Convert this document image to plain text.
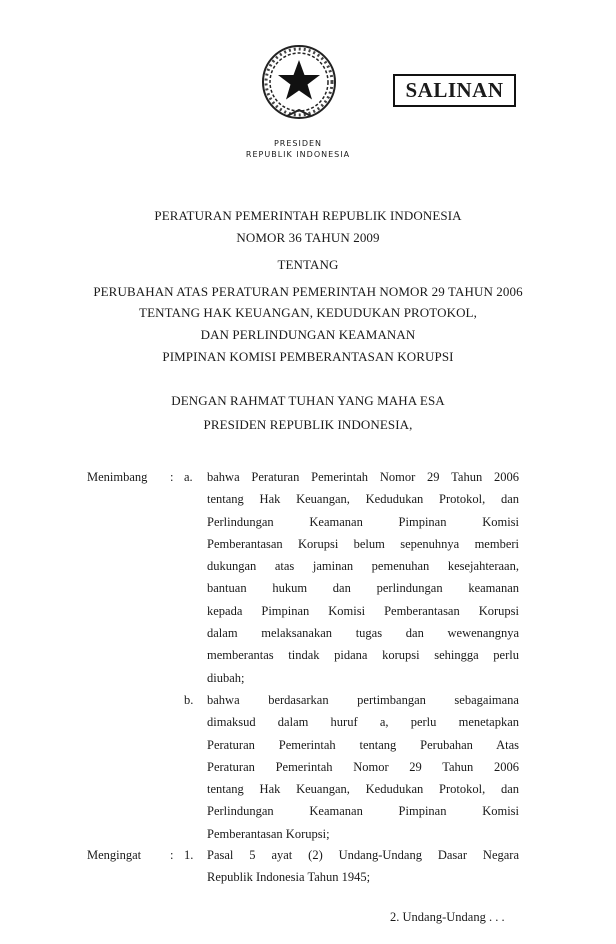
SALINAN
PRESIDEN
REPUBLIK INDONESIA
PERATURAN PEMERINTAH REPUBLIK INDONESIA
NOMOR 36 TAHUN 2009
TENTANG
PERUBAHAN ATAS PERATURAN PEMERINTAH NOMOR 29 TAHUN 2006
TENTANG HAK KEUANGAN, KEDUDUKAN PROTOKOL,
DAN PERLINDUNGAN KEAMANAN
PIMPINAN KOMISI PEMBERANTASAN KORUPSI
DENGAN RAHMAT TUHAN YANG MAHA ESA
PRESIDEN REPUBLIK INDONESIA,
Menimbang : a. bahwa Peraturan Pemerintah Nomor 29 Tahun 2006
tentang Hak Keuangan, Kedudukan Protokol, dan
Perlindungan Keamanan Pimpinan Komisi
Pemberantasan Korupsi belum sepenuhnya memberi
dukungan atas jaminan pemenuhan kesejahteraan,
bantuan hukum dan perlindungan keamanan
kepada Pimpinan Komisi Pemberantasan Korupsi
dalam melaksanakan tugas dan wewenangnya
memberantas tindak pidana korupsi sehingga perlu
diubah;
b. bahwa berdasarkan pertimbangan sebagaimana
dimaksud dalam huruf a, perlu menetapkan
Peraturan Pemerintah tentang Perubahan Atas
Peraturan Pemerintah Nomor 29 Tahun 2006
tentang Hak Keuangan, Kedudukan Protokol, dan
Perlindungan Keamanan Pimpinan Komisi
Pemberantasan Korupsi;
Mengingat : 1. Pasal 5 ayat (2) Undang-Undang Dasar Negara
Republik Indonesia Tahun 1945;
2. Undang-Undang . . .
